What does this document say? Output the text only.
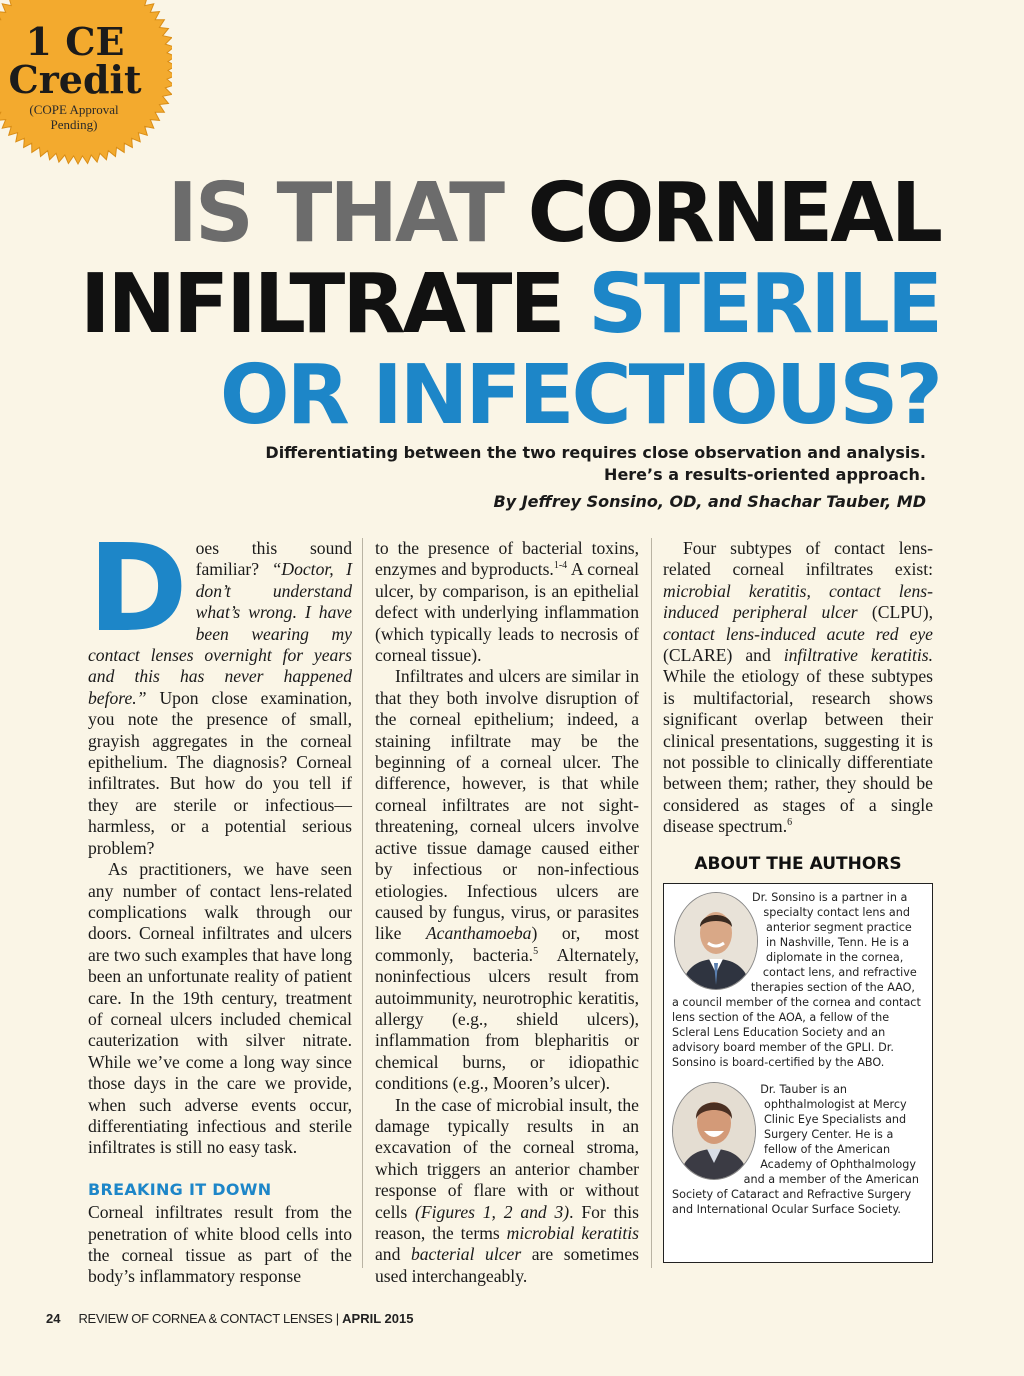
1 CE
Credit
(COPE Approval Pending)
IS THAT CORNEAL
INFILTRATE STERILE
OR INFECTIOUS?
Differentiating between the two requires close observation and analysis. Here’s a results-oriented approach.
By Jeffrey Sonsino, OD, and Shachar Tauber, MD

Does this sound familiar? “Doctor, I don’t understand what’s wrong. I have been wearing my contact lenses overnight for years and this has never happened before.” Upon close examination, you note the presence of small, grayish aggregates in the corneal epithelium. The diagnosis? Corneal infiltrates. But how do you tell if they are sterile or infectious—harmless, or a potential serious problem?

As practitioners, we have seen any number of contact lens-related complications walk through our doors. Corneal infiltrates and ulcers are two such examples that have long been an unfortunate reality of patient care. In the 19th century, treatment of corneal ulcers included chemical cauterization with silver nitrate. While we’ve come a long way since those days in the care we provide, when such adverse events occur, differentiating infectious and sterile infiltrates is still no easy task.

BREAKING IT DOWN

Corneal infiltrates result from the penetration of white blood cells into the corneal tissue as part of the body’s inflammatory response

to the presence of bacterial toxins, enzymes and byproducts.$^{1-4}$ A corneal ulcer, by comparison, is an epithelial defect with underlying inflammation (which typically leads to necrosis of corneal tissue).

Infiltrates and ulcers are similar in that they both involve disruption of the corneal epithelium; indeed, a staining infiltrate may be the beginning of a corneal ulcer. The difference, however, is that while corneal infiltrates are not sight-threatening, corneal ulcers involve active tissue damage caused either by infectious or non-infectious etiologies. Infectious ulcers are caused by fungus, virus, or parasites like Acanthamoeba) or, most commonly, bacteria.$^5$ Alternately, noninfectious ulcers result from autoimmunity, neurotrophic keratitis, allergy (e.g., shield ulcers), inflammation from blepharitis or chemical burns, or idiopathic conditions (e.g., Mooren’s ulcer).

In the case of microbial insult, the damage typically results in an excavation of the corneal stroma, which triggers an anterior chamber response of flare with or without cells (Figures 1, 2 and 3). For this reason, the terms microbial keratitis and bacterial ulcer are sometimes used interchangeably.

Four subtypes of contact lens-related corneal infiltrates exist: microbial keratitis, contact lens-induced peripheral ulcer (CLPU), contact lens-induced acute red eye (CLARE) and infiltrative keratitis. While the etiology of these subtypes is multifactorial, research shows significant overlap between their clinical presentations, suggesting it is not possible to clinically differentiate between them; rather, they should be considered as stages of a single disease spectrum.$^6$

ABOUT THE AUTHORS

Dr. Sonsino is a partner in a specialty contact lens and anterior segment practice in Nashville, Tenn. He is a diplomate in the cornea, contact lens, and refractive therapies section of the AAO, a council member of the cornea and contact lens section of the AOA, a fellow of the Scleral Lens Education Society and an advisory board member of the GPLI. Dr. Sonsino is board-certified by the ABO.

Dr. Tauber is an ophthalmologist at Mercy Clinic Eye Specialists and Surgery Center. He is a fellow of the American Academy of Ophthalmology and a member of the American Society of Cataract and Refractive Surgery and International Ocular Surface Society.

24 REVIEW OF CORNEA & CONTACT LENSES | APRIL 2015
